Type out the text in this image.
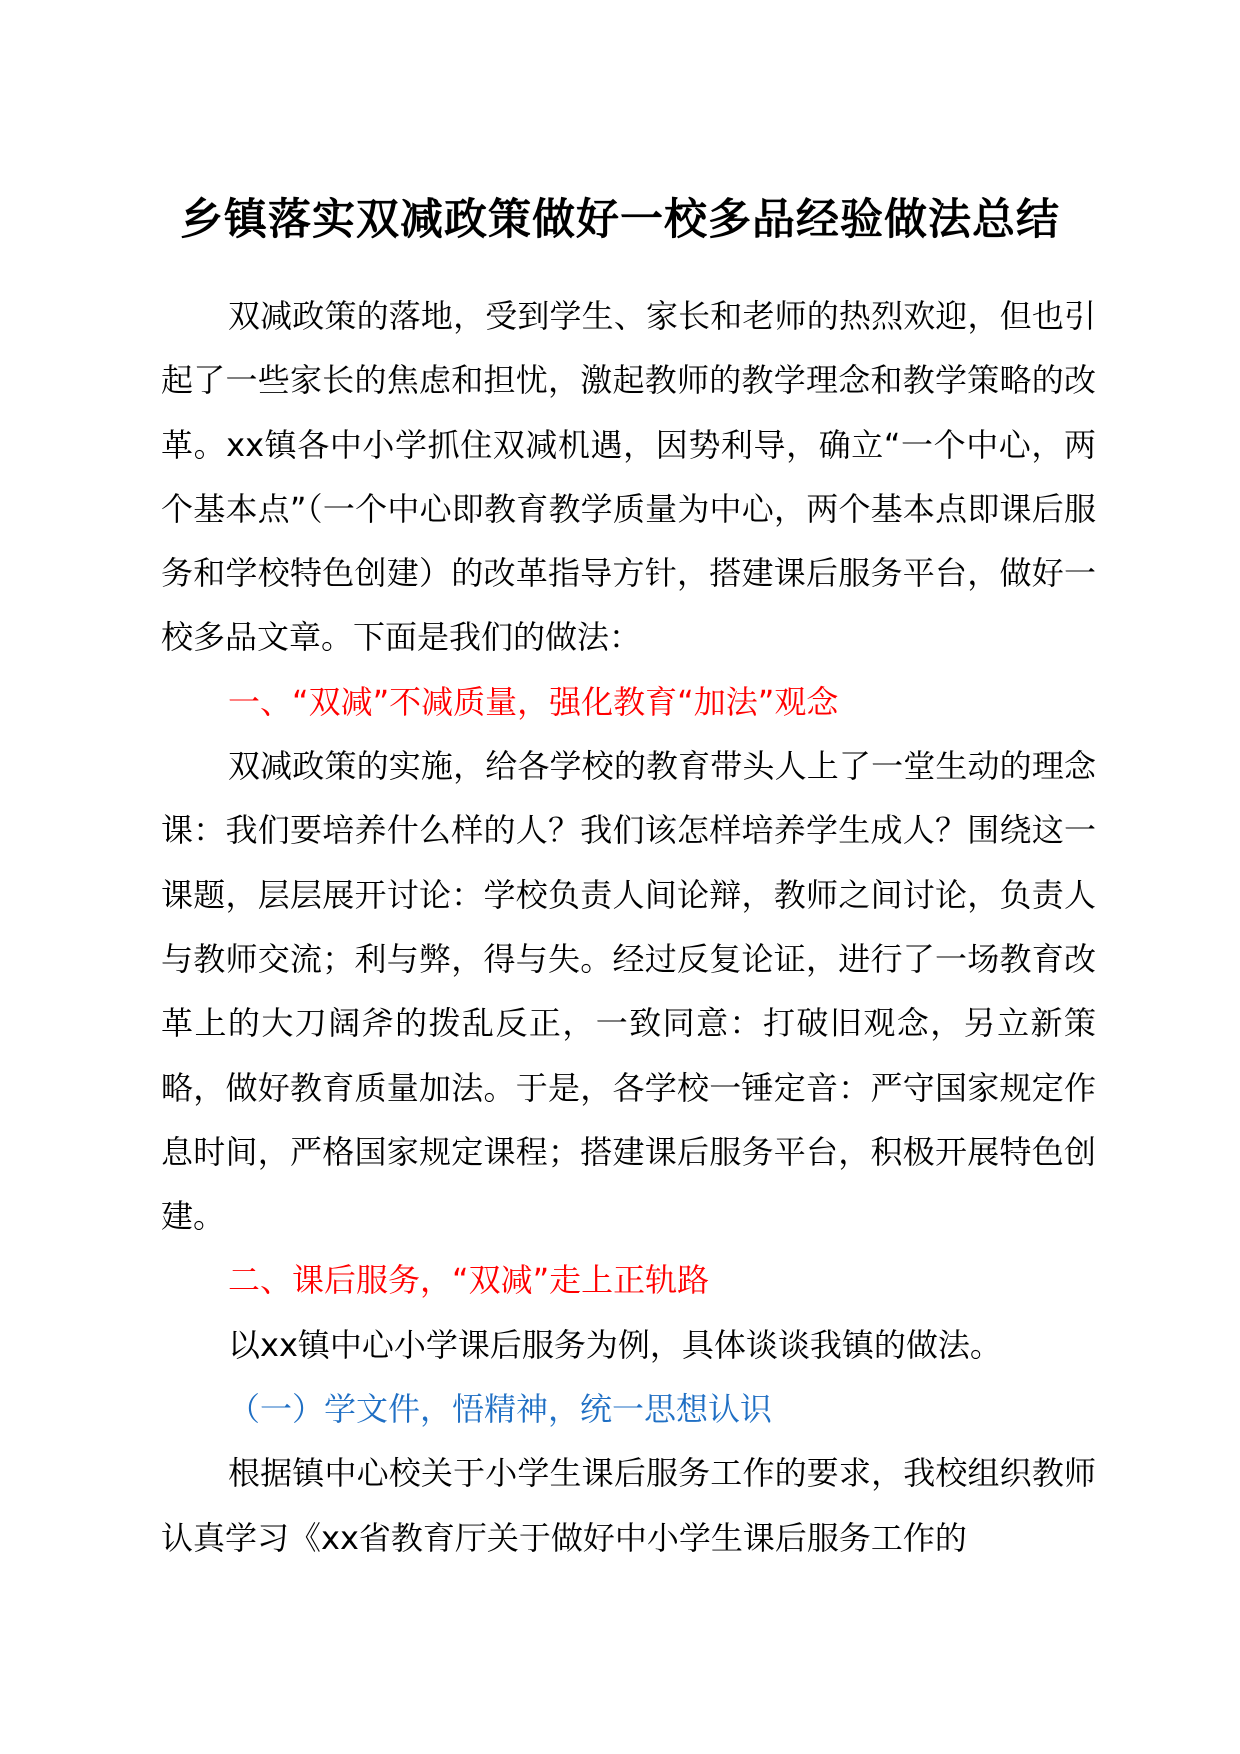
乡镇落实双减政策做好一校多品经验做法总结

双减政策的落地，受到学生、家长和老师的热烈欢迎，但也引起了一些家长的焦虑和担忧，激起教师的教学理念和教学策略的改革。xx镇各中小学抓住双减机遇，因势利导，确立“一个中心，两个基本点”（一个中心即教育教学质量为中心，两个基本点即课后服务和学校特色创建）的改革指导方针，搭建课后服务平台，做好一校多品文章。下面是我们的做法：

一、“双减”不减质量，强化教育“加法”观念

双减政策的实施，给各学校的教育带头人上了一堂生动的理念课：我们要培养什么样的人？我们该怎样培养学生成人？围绕这一课题，层层展开讨论：学校负责人间论辩，教师之间讨论，负责人与教师交流；利与弊，得与失。经过反复论证，进行了一场教育改革上的大刀阔斧的拨乱反正，一致同意：打破旧观念，另立新策略，做好教育质量加法。于是，各学校一锤定音：严守国家规定作息时间，严格国家规定课程；搭建课后服务平台，积极开展特色创建。

二、课后服务，“双减”走上正轨路

以xx镇中心小学课后服务为例，具体谈谈我镇的做法。

（一）学文件，悟精神，统一思想认识

根据镇中心校关于小学生课后服务工作的要求，我校组织教师认真学习《xx省教育厅关于做好中小学生课后服务工作的
